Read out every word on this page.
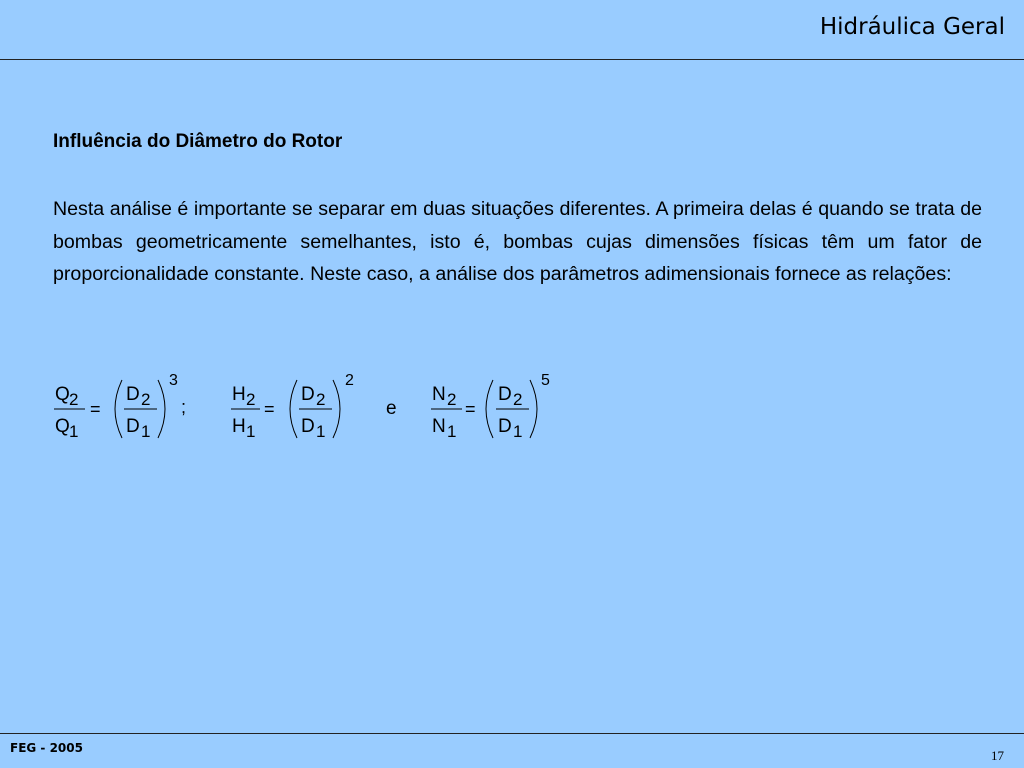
Hidráulica Geral
Influência do Diâmetro do Rotor

Nesta análise é importante se separar em duas situações diferentes. A primeira delas é quando se trata de bombas geometricamente semelhantes, isto é, bombas cujas dimensões físicas têm um fator de proporcionalidade constante. Neste caso, a análise dos parâmetros adimensionais fornece as relações:

Q 2
Q 1
=
D 2
D 1
3
;
H 2
H 1
=
D 2
D 1
2
e
N 2
N 1
=
D 2
D 1
5
FEG - 2005	17
